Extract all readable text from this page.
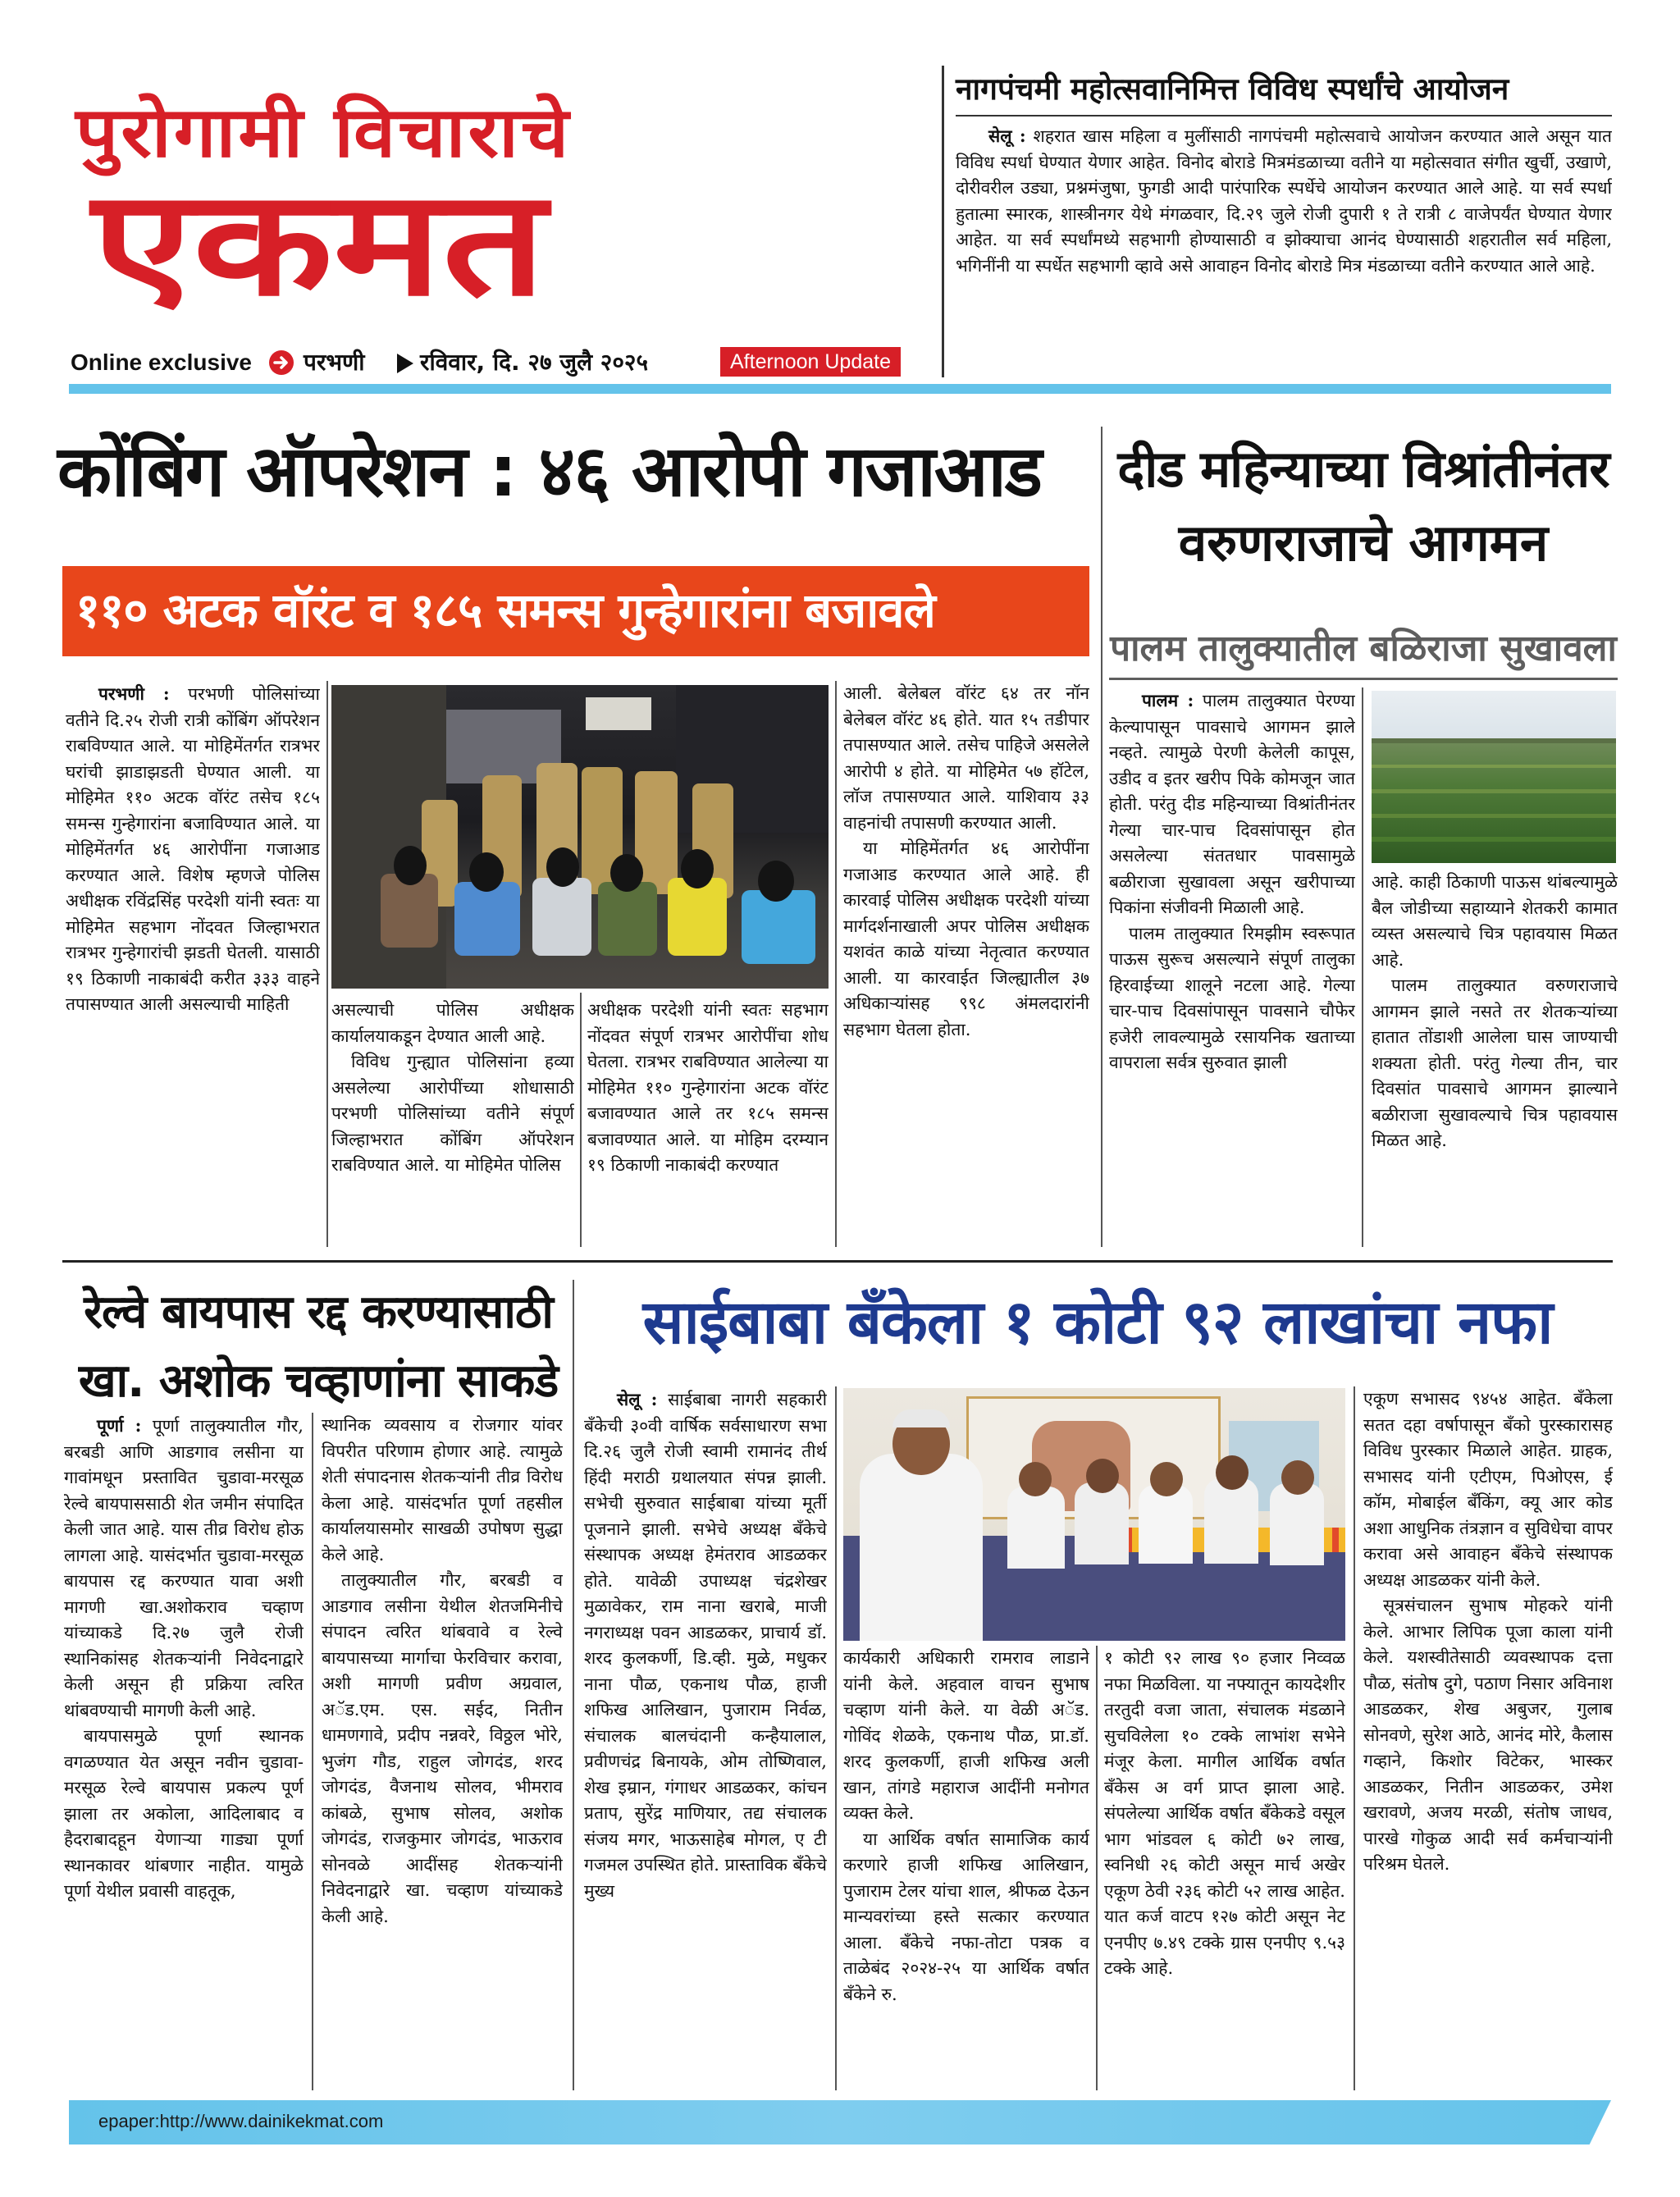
पुरोगामी विचाराचे
एकमत
Online exclusive परभणी रविवार, दि. २७ जुलै २०२५	Afternoon Update
नागपंचमी महोत्सवानिमित्त विविध स्पर्धांचे आयोजन
सेलू : शहरात खास महिला व मुलींसाठी नागपंचमी महोत्सवाचे आयोजन करण्यात आले असून यात विविध स्पर्धा घेण्यात येणार आहेत. विनोद बोराडे मित्रमंडळाच्या वतीने या महोत्सवात संगीत खुर्ची, उखाणे, दोरीवरील उड्या, प्रश्नमंजुषा, फुगडी आदी पारंपारिक स्पर्धेचे आयोजन करण्यात आले आहे. या सर्व स्पर्धा हुतात्मा स्मारक, शास्त्रीनगर येथे मंगळवार, दि.२९ जुले रोजी दुपारी १ ते रात्री ८ वाजेपर्यंत घेण्यात येणार आहेत. या सर्व स्पर्धांमध्ये सहभागी होण्यासाठी व झोक्याचा आनंद घेण्यासाठी शहरातील सर्व महिला, भगिनींनी या स्पर्धेत सहभागी व्हावे असे आवाहन विनोद बोराडे मित्र मंडळाच्या वतीने करण्यात आले आहे.
कोंबिंग ऑपरेशन : ४६ आरोपी गजाआड
११० अटक वॉरंट व १८५ समन्स गुन्हेगारांना बजावले
परभणी : परभणी पोलिसांच्या वतीने दि.२५ रोजी रात्री कोंबिंग ऑपरेशन राबविण्यात आले. या मोहिमेंतर्गत रात्रभर घरांची झाडाझडती घेण्यात आली. या मोहिमेत ११० अटक वॉरंट तसेच १८५ समन्स गुन्हेगारांना बजाविण्यात आले. या मोहिमेंतर्गत ४६ आरोपींना गजाआड करण्यात आले. विशेष म्हणजे पोलिस अधीक्षक रविंद्रसिंह परदेशी यांनी स्वतः या मोहिमेत सहभाग नोंदवत जिल्हाभरात रात्रभर गुन्हेगारांची झडती घेतली. यासाठी १९ ठिकाणी नाकाबंदी करीत ३३३ वाहने तपासण्यात आली असल्याची माहिती	असल्याची पोलिस अधीक्षक कार्यालयाकडून देण्यात आली आहे.

विविध गुन्ह्यात पोलिसांना हव्या असलेल्या आरोपींच्या शोधासाठी परभणी पोलिसांच्या वतीने संपूर्ण जिल्हाभरात कोंबिंग ऑपरेशन राबविण्यात आले. या मोहिमेत पोलिस

अधीक्षक परदेशी यांनी स्वतः सहभाग नोंदवत संपूर्ण रात्रभर आरोपींचा शोध घेतला. रात्रभर राबविण्यात आलेल्या या मोहिमेत ११० गुन्हेगारांना अटक वॉरंट बजावण्यात आले तर १८५ समन्स बजावण्यात आले. या मोहिम दरम्यान १९ ठिकाणी नाकाबंदी करण्यात

आली. बेलेबल वॉरंट ६४ तर नॉन बेलेबल वॉरंट ४६ होते. यात १५ तडीपार तपासण्यात आले. तसेच पाहिजे असलेले आरोपी ४ होते. या मोहिमेत ५७ हॉटेल, लॉज तपासण्यात आले. याशिवाय ३३ वाहनांची तपासणी करण्यात आली.

या मोहिमेंतर्गत ४६ आरोपींना गजाआड करण्यात आले आहे. ही कारवाई पोलिस अधीक्षक परदेशी यांच्या मार्गदर्शनाखाली अपर पोलिस अधीक्षक यशवंत काळे यांच्या नेतृत्वात करण्यात आली. या कारवाईत जिल्ह्यातील ३७ अधिकाऱ्यांसह ९९८ अंमलदारांनी सहभाग घेतला होता.

दीड महिन्याच्या विश्रांतीनंतर
वरुणराजाचे आगमन
पालम तालुक्यातील बळिराजा सुखावला

पालम : पालम तालुक्यात पेरण्या केल्यापासून पावसाचे आगमन झाले नव्हते. त्यामुळे पेरणी केलेली कापूस, उडीद व इतर खरीप पिके कोमजून जात होती. परंतु दीड महिन्याच्या विश्रांतीनंतर गेल्या चार-पाच दिवसांपासून होत असलेल्या संततधार पावसामुळे बळीराजा सुखावला असून खरीपाच्या पिकांना संजीवनी मिळाली आहे.

पालम तालुक्यात रिमझीम स्वरूपात पाऊस सुरूच असल्याने संपूर्ण तालुका हिरवाईच्या शालूने नटला आहे. गेल्या चार-पाच दिवसांपासून पावसाने चौफेर हजेरी लावल्यामुळे रसायनिक खताच्या वापराला सर्वत्र सुरुवात झाली

आहे. काही ठिकाणी पाऊस थांबल्यामुळे बैल जोडीच्या सहाय्याने शेतकरी कामात व्यस्त असल्याचे चित्र पहावयास मिळत आहे.

पालम तालुक्यात वरुणराजाचे आगमन झाले नसते तर शेतकऱ्यांच्या हातात तोंडाशी आलेला घास जाण्याची शक्यता होती. परंतु गेल्या तीन, चार दिवसांत पावसाचे आगमन झाल्याने बळीराजा सुखावल्याचे चित्र पहावयास मिळत आहे.

रेल्वे बायपास रद्द करण्यासाठी
खा. अशोक चव्हाणांना साकडे

पूर्णा : पूर्णा तालुक्यातील गौर, बरबडी आणि आडगाव लसीना या गावांमधून प्रस्तावित चुडावा-मरसूळ रेल्वे बायपाससाठी शेत जमीन संपादित केली जात आहे. यास तीव्र विरोध होऊ लागला आहे. यासंदर्भात चुडावा-मरसूळ बायपास रद्द करण्यात यावा अशी मागणी खा.अशोकराव चव्हाण यांच्याकडे दि.२७ जुलै रोजी स्थानिकांसह शेतकऱ्यांनी निवेदनाद्वारे केली असून ही प्रक्रिया त्वरित थांबवण्याची मागणी केली आहे.

बायपासमुळे पूर्णा स्थानक वगळण्यात येत असून नवीन चुडावा-मरसूळ रेल्वे बायपास प्रकल्प पूर्ण झाला तर अकोला, आदिलाबाद व हैदराबादहून येणाऱ्या गाड्या पूर्णा स्थानकावर थांबणार नाहीत. यामुळे पूर्णा येथील प्रवासी वाहतूक,

स्थानिक व्यवसाय व रोजगार यांवर विपरीत परिणाम होणार आहे. त्यामुळे शेती संपादनास शेतकऱ्यांनी तीव्र विरोध केला आहे. यासंदर्भात पूर्णा तहसील कार्यालयासमोर साखळी उपोषण सुद्धा केले आहे.

तालुक्यातील गौर, बरबडी व आडगाव लसीना येथील शेतजमिनीचे संपादन त्वरित थांबवावे व रेल्वे बायपासच्या मार्गाचा फेरविचार करावा, अशी मागणी प्रवीण अग्रवाल, अॅड.एम. एस. सईद, नितीन धामणगावे, प्रदीप नन्नवरे, विठ्ठल भोरे, भुजंग गौड, राहुल जोगदंड, शरद जोगदंड, वैजनाथ सोलव, भीमराव कांबळे, सुभाष सोलव, अशोक जोगदंड, राजकुमार जोगदंड, भाऊराव सोनवळे आदींसह शेतकऱ्यांनी निवेदनाद्वारे खा. चव्हाण यांच्याकडे केली आहे.

साईबाबा बँकेला १ कोटी ९२ लाखांचा नफा
सेलू : साईबाबा नागरी सहकारी बँकेची ३०वी वार्षिक सर्वसाधारण सभा दि.२६ जुलै रोजी स्वामी रामानंद तीर्थ हिंदी मराठी ग्रथालयात संपन्न झाली. सभेची सुरुवात साईबाबा यांच्या मूर्ती पूजनाने झाली. सभेचे अध्यक्ष बँकेचे संस्थापक अध्यक्ष हेमंतराव आडळकर होते. यावेळी उपाध्यक्ष चंद्रशेखर मुळावेकर, राम नाना खराबे, माजी नगराध्यक्ष पवन आडळकर, प्राचार्य डॉ. शरद कुलकर्णी, डि.व्ही. मुळे, मधुकर नाना पौळ, एकनाथ पौळ, हाजी शफिख आलिखान, पुजाराम निर्वळ, संचालक बालचंदानी कन्हैयालाल, प्रवीणचंद्र बिनायके, ओम तोष्णिवाल, शेख इम्रान, गंगाधर आडळकर, कांचन प्रताप, सुरेंद्र माणियार, तद्य संचालक संजय मगर, भाऊसाहेब मोगल, ए टी गजमल उपस्थित होते. प्रास्ताविक बँकेचे मुख्य

कार्यकारी अधिकारी रामराव लाडाने यांनी केले. अहवाल वाचन सुभाष चव्हाण यांनी केले. या वेळी अॅड. गोविंद शेळके, एकनाथ पौळ, प्रा.डॉ. शरद कुलकर्णी, हाजी शफिख अली खान, तांगडे महाराज आदींनी मनोगत व्यक्त केले.

या आर्थिक वर्षात सामाजिक कार्य करणारे हाजी शफिख आलिखान, पुजाराम टेलर यांचा शाल, श्रीफळ देऊन मान्यवरांच्या हस्ते सत्कार करण्यात आला. बँकेचे नफा-तोटा पत्रक व ताळेबंद २०२४-२५ या आर्थिक वर्षात बँकेने रु.

१ कोटी ९२ लाख ९० हजार निव्वळ नफा मिळविला. या नफ्यातून कायदेशीर तरतुदी वजा जाता, संचालक मंडळाने सुचविलेला १० टक्के लाभांश सभेने मंजूर केला. मागील आर्थिक वर्षात बँकेस अ वर्ग प्राप्त झाला आहे. संपलेल्या आर्थिक वर्षात बँकेकडे वसूल भाग भांडवल ६ कोटी ७२ लाख, स्वनिधी २६ कोटी असून मार्च अखेर एकूण ठेवी २३६ कोटी ५२ लाख आहेत. यात कर्ज वाटप १२७ कोटी असून नेट एनपीए ७.४९ टक्के ग्रास एनपीए ९.५३ टक्के आहे.

एकूण सभासद ९४५४ आहेत. बँकेला सतत दहा वर्षापासून बँको पुरस्कारासह विविध पुरस्कार मिळाले आहेत. ग्राहक, सभासद यांनी एटीएम, पिओएस, ई कॉम, मोबाईल बँकिंग, क्यू आर कोड अशा आधुनिक तंत्रज्ञान व सुविधेचा वापर करावा असे आवाहन बँकेचे संस्थापक अध्यक्ष आडळकर यांनी केले.

सूत्रसंचालन सुभाष मोहकरे यांनी केले. आभार लिपिक पूजा काला यांनी केले. यशस्वीतेसाठी व्यवस्थापक दत्ता पौळ, संतोष दुगे, पठाण निसार अविनाश आडळकर, शेख अबुजर, गुलाब सोनवणे, सुरेश आठे, आनंद मोरे, कैलास गव्हाने, किशोर विटेकर, भास्कर आडळकर, नितीन आडळकर, उमेश खरावणे, अजय मरळी, संतोष जाधव, पारखे गोकुळ आदी सर्व कर्मचाऱ्यांनी परिश्रम घेतले.

epaper:http://www.dainikekmat.com
